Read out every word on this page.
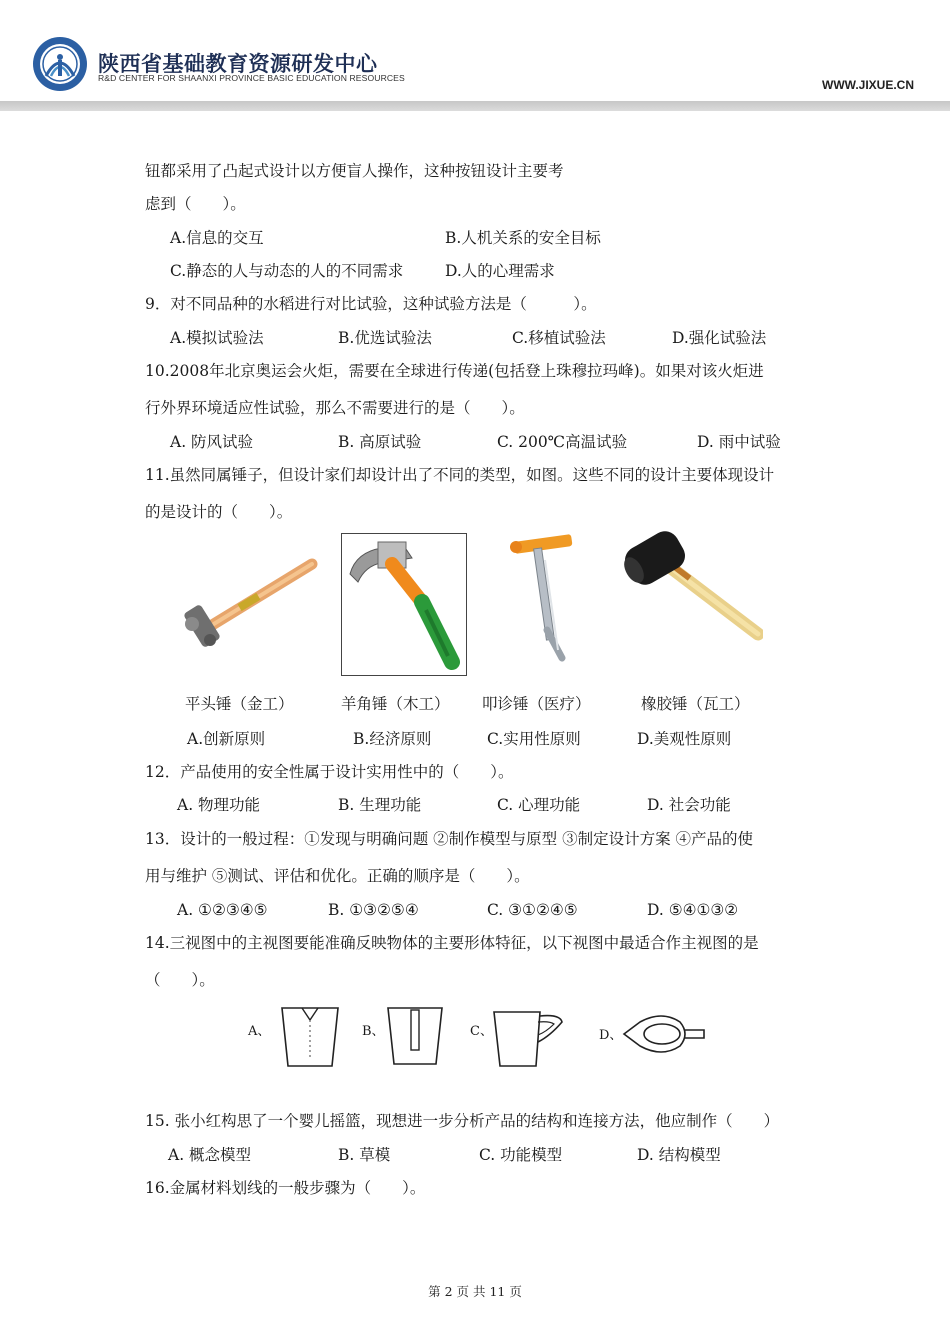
陕西省基础教育资源研发中心
R&D CENTER FOR SHAANXI PROVINCE BASIC EDUCATION RESOURCES	WWW.JIXUE.CN
钮都采用了凸起式设计以方便盲人操作，这种按钮设计主要考
虑到（　　）。
A.信息的交互	B.人机关系的安全目标
C.静态的人与动态的人的不同需求	D.人的心理需求
9．对不同品种的水稻进行对比试验，这种试验方法是（　　　）。
A.模拟试验法	B.优选试验法	C.移植试验法	D.强化试验法
10.2008年北京奥运会火炬，需要在全球进行传递(包括登上珠穆拉玛峰)。如果对该火炬进
行外界环境适应性试验，那么不需要进行的是（　　）。
A. 防风试验	B. 高原试验	C. 200℃高温试验	D. 雨中试验
11.虽然同属锤子，但设计家们却设计出了不同的类型，如图。这些不同的设计主要体现设计
的是设计的（　　）。
平头锤（金工）	羊角锤（木工） 叩诊锤（医疗）	橡胶锤（瓦工）
A.创新原则	B.经济原则	C.实用性原则	D.美观性原则
12．产品使用的安全性属于设计实用性中的（　　）。
A. 物理功能	B. 生理功能	C. 心理功能	D. 社会功能
13．设计的一般过程：①发现与明确问题 ②制作模型与原型 ③制定设计方案 ④产品的使
用与维护 ⑤测试、评估和优化。正确的顺序是（　　）。
A. ①②③④⑤	B. ①③②⑤④	C. ③①②④⑤	D. ⑤④①③②
14.三视图中的主视图要能准确反映物体的主要形体特征，以下视图中最适合作主视图的是
（　　）。
A、	B、	C、	D、
15. 张小红构思了一个婴儿摇篮，现想进一步分析产品的结构和连接方法，他应制作（　　）
A. 概念模型	B. 草模	C. 功能模型	D. 结构模型
16.金属材料划线的一般步骤为（　　）。
第 2 页 共 11 页
